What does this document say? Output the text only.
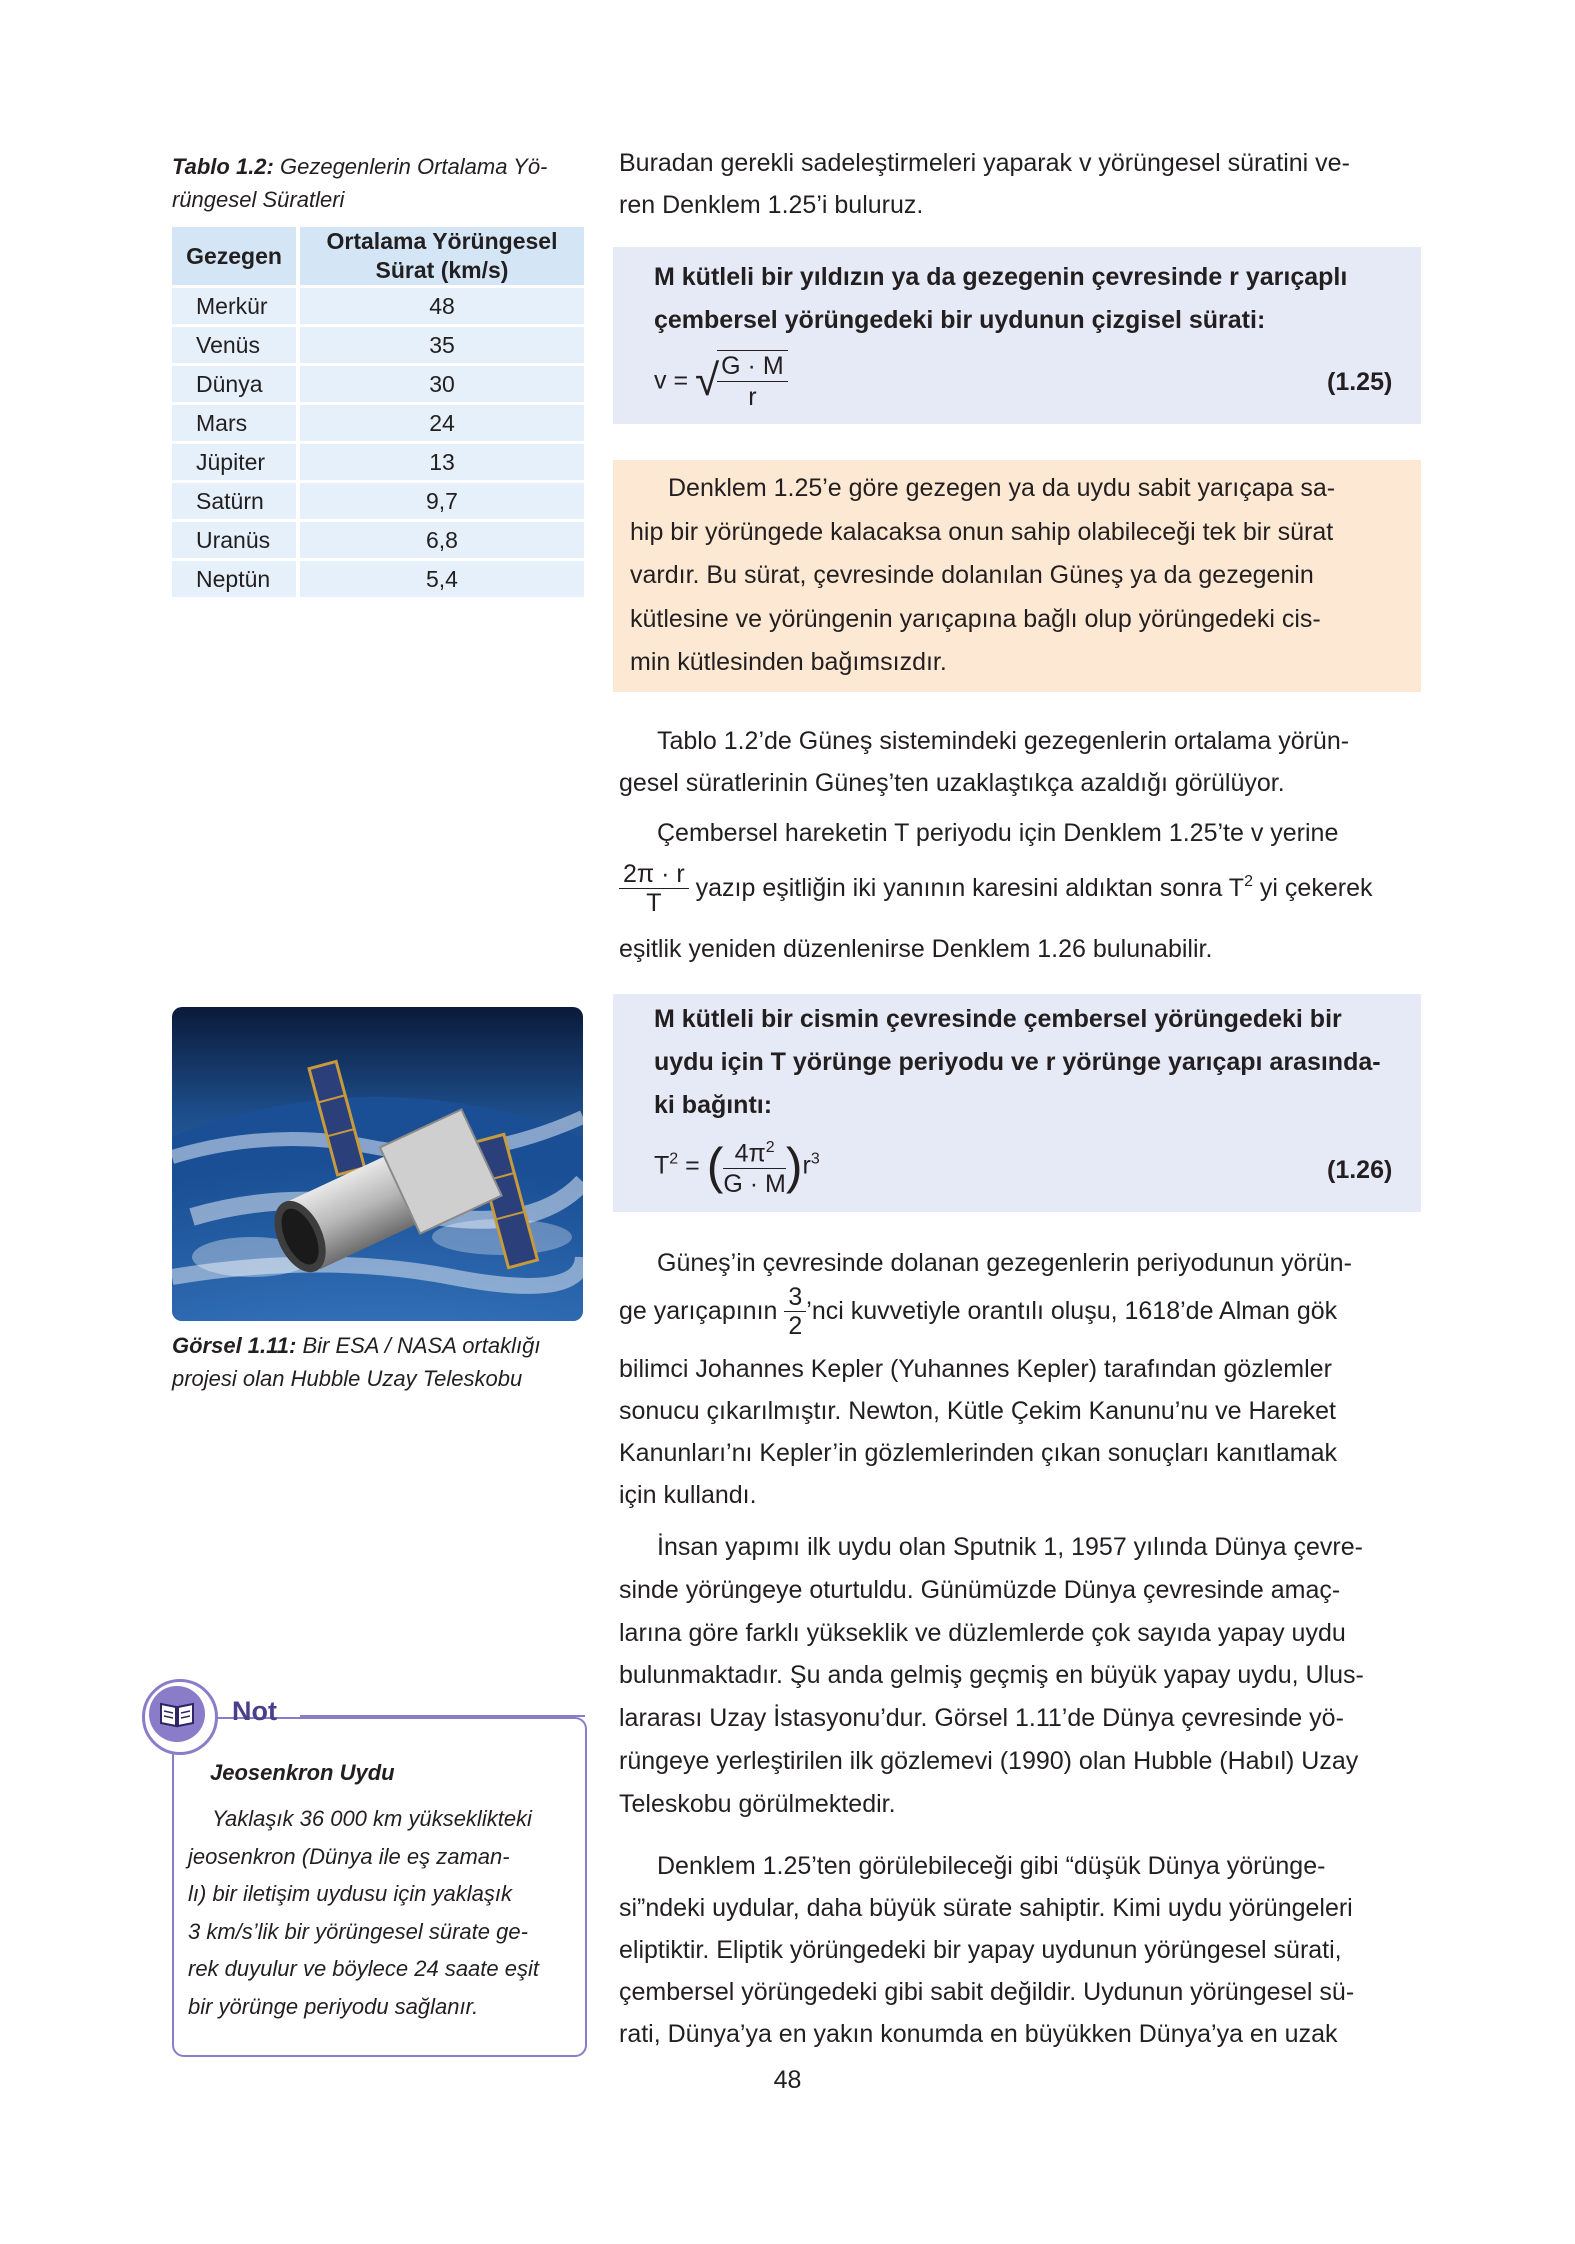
Tablo 1.2: Gezegenlerin Ortalama Yö-
rüngesel Süratleri
Gezegen	Ortalama Yörüngesel
Sürat (km/s)
Merkür	48
Venüs	35
Dünya	30
Mars	24
Jüpiter	13
Satürn	9,7
Uranüs	6,8
Neptün	5,4
Görsel 1.11: Bir ESA / NASA ortaklığı
projesi olan Hubble Uzay Teleskobu
Not
Jeosenkron Uydu
Yaklaşık 36 000 km yükseklikteki
jeosenkron (Dünya ile eş zaman-
lı) bir iletişim uydusu için yaklaşık
3 km/s’lik bir yörüngesel sürate ge-
rek duyulur ve böylece 24 saate eşit
bir yörünge periyodu sağlanır.
Buradan gerekli sadeleştirmeleri yaparak v yörüngesel süratini ve-
ren Denklem 1.25’i buluruz.
M kütleli bir yıldızın ya da gezegenin çevresinde r yarıçaplı
çembersel yörüngedeki bir uydunun çizgisel sürati:
v = √
$\frac{G \cdot M}{r}$	(1.25)
Denklem 1.25’e göre gezegen ya da uydu sabit yarıçapa sa-
hip bir yörüngede kalacaksa onun sahip olabileceği tek bir sürat
vardır. Bu sürat, çevresinde dolanılan Güneş ya da gezegenin
kütlesine ve yörüngenin yarıçapına bağlı olup yörüngedeki cis-
min kütlesinden bağımsızdır.
Tablo 1.2’de Güneş sistemindeki gezegenlerin ortalama yörün-
gesel süratlerinin Güneş’ten uzaklaştıkça azaldığı görülüyor.
Çembersel hareketin T periyodu için Denklem 1.25’te v yerine
$\frac{2\pi \cdot r}{T}$ yazıp eşitliğin iki yanının karesini aldıktan sonra $T^2$ yi çekerek
eşitlik yeniden düzenlenirse Denklem 1.26 bulunabilir.
M kütleli bir cismin çevresinde çembersel yörüngedeki bir
uydu için T yörünge periyodu ve r yörünge yarıçapı arasında-
ki bağıntı:
$T^2$ = ( $\frac{4\pi^2}{G \cdot M} )r^3$	(1.26)
Güneş’in çevresinde dolanan gezegenlerin periyodunun yörün-
ge yarıçapının $\frac{3}{2}$ ’nci kuvvetiyle orantılı oluşu, 1618’de Alman gök
bilimci Johannes Kepler (Yuhannes Kepler) tarafından gözlemler
sonucu çıkarılmıştır. Newton, Kütle Çekim Kanunu’nu ve Hareket
Kanunları’nı Kepler’in gözlemlerinden çıkan sonuçları kanıtlamak
için kullandı.
İnsan yapımı ilk uydu olan Sputnik 1, 1957 yılında Dünya çevre-
sinde yörüngeye oturtuldu. Günümüzde Dünya çevresinde amaç-
larına göre farklı yükseklik ve düzlemlerde çok sayıda yapay uydu
bulunmaktadır. Şu anda gelmiş geçmiş en büyük yapay uydu, Ulus-
lararası Uzay İstasyonu’dur. Görsel 1.11’de Dünya çevresinde yö-
rüngeye yerleştirilen ilk gözlemevi (1990) olan Hubble (Habıl) Uzay
Teleskobu görülmektedir.
Denklem 1.25’ten görülebileceği gibi “düşük Dünya yörünge-
si”ndeki uydular, daha büyük sürate sahiptir. Kimi uydu yörüngeleri
eliptiktir. Eliptik yörüngedeki bir yapay uydunun yörüngesel sürati,
çembersel yörüngedeki gibi sabit değildir. Uydunun yörüngesel sü-
rati, Dünya’ya en yakın konumda en büyükken Dünya’ya en uzak
48
